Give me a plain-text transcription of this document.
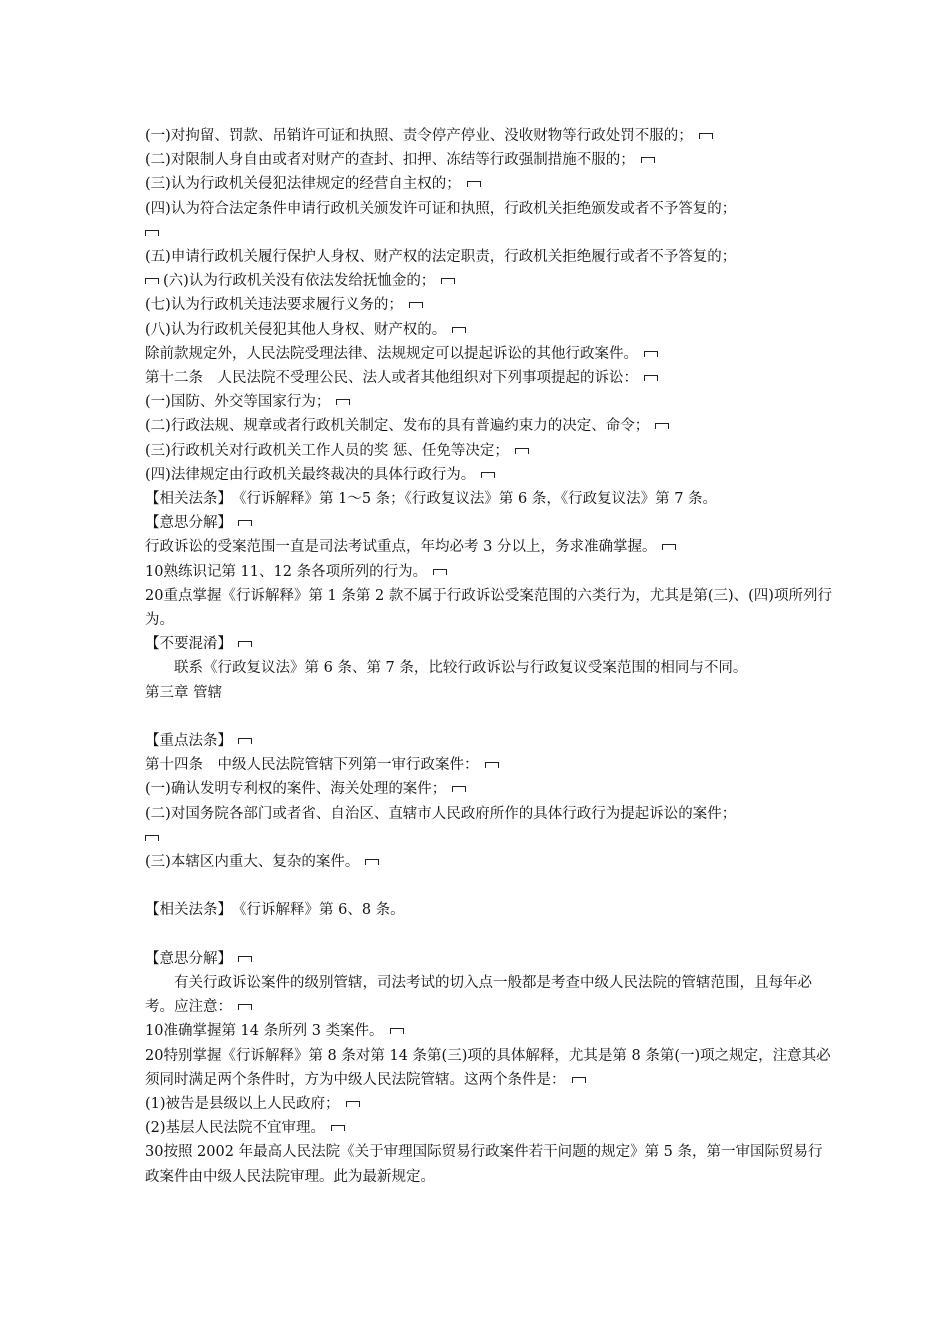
(一)对拘留、罚款、吊销许可证和执照、责令停产停业、没收财物等行政处罚不服的；
(二)对限制人身自由或者对财产的查封、扣押、冻结等行政强制措施不服的；
(三)认为行政机关侵犯法律规定的经营自主权的；
(四)认为符合法定条件申请行政机关颁发许可证和执照，行政机关拒绝颁发或者不予答复的；

(五)申请行政机关履行保护人身权、财产权的法定职责，行政机关拒绝履行或者不予答复的；
(六)认为行政机关没有依法发给抚恤金的；
(七)认为行政机关违法要求履行义务的；
(八)认为行政机关侵犯其他人身权、财产权的。
除前款规定外，人民法院受理法律、法规规定可以提起诉讼的其他行政案件。
第十二条　人民法院不受理公民、法人或者其他组织对下列事项提起的诉讼：
(一)国防、外交等国家行为；
(二)行政法规、规章或者行政机关制定、发布的具有普遍约束力的决定、命令；
(三)行政机关对行政机关工作人员的奖 惩、任免等决定；
(四)法律规定由行政机关最终裁决的具体行政行为。
【相关法条】　《行诉解释》第 1～5 条；《行政复议法》第 6 条，《行政复议法》第 7 条。
【意思分解】
行政诉讼的受案范围一直是司法考试重点，年均必考 3 分以上，务求准确掌握。
10熟练识记第 11、12 条各项所列的行为。
20重点掌握《行诉解释》第 1 条第 2 款不属于行政诉讼受案范围的六类行为，尤其是第(三)、(四)项所列行为。
【不要混淆】
联系《行政复议法》第 6 条、第 7 条，比较行政诉讼与行政复议受案范围的相同与不同。
第三章 管辖
【重点法条】
第十四条　中级人民法院管辖下列第一审行政案件：
(一)确认发明专利权的案件、海关处理的案件；
(二)对国务院各部门或者省、自治区、直辖市人民政府所作的具体行政行为提起诉讼的案件；

(三)本辖区内重大、复杂的案件。
【相关法条】　《行诉解释》第 6、8 条。
【意思分解】
有关行政诉讼案件的级别管辖，司法考试的切入点一般都是考查中级人民法院的管辖范围，且每年必考。应注意：
10准确掌握第 14 条所列 3 类案件。
20特别掌握《行诉解释》第 8 条对第 14 条第(三)项的具体解释，尤其是第 8 条第(一)项之规定，注意其必须同时满足两个条件时，方为中级人民法院管辖。这两个条件是：
(1)被告是县级以上人民政府；
(2)基层人民法院不宜审理。
30按照 2002 年最高人民法院《关于审理国际贸易行政案件若干问题的规定》第 5 条，第一审国际贸易行政案件由中级人民法院审理。此为最新规定。
